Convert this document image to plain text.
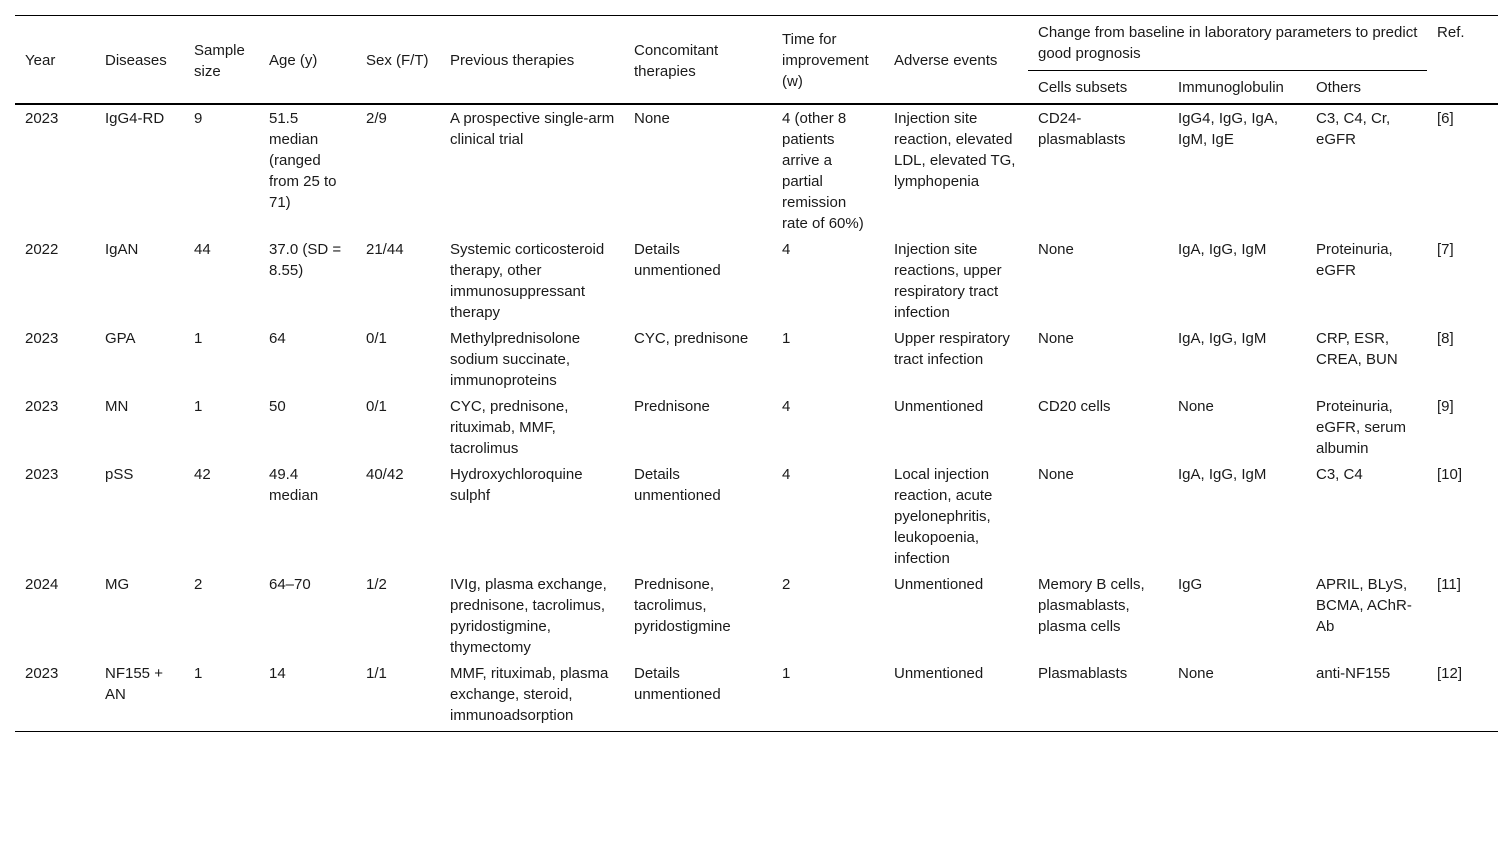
Year	Diseases	Sample size	Age (y)	Sex (F/T)	Previous therapies	Concomitant therapies	Time for improvement (w)	Adverse events	Change from baseline in laboratory parameters to predict good prognosis			Ref.
									Cells subsets	Immunoglobulin	Others	
2023	IgG4-RD	9	51.5 median (ranged from 25 to 71)	2/9	A prospective single-arm clinical trial	None	4 (other 8 patients arrive a partial remission rate of 60%)	Injection site reaction, elevated LDL, elevated TG, lymphopenia	CD24-plasmablasts	IgG4, IgG, IgA, IgM, IgE	C3, C4, Cr, eGFR	[6]
2022	IgAN	44	37.0 (SD = 8.55)	21/44	Systemic corticosteroid therapy, other immunosuppressant therapy	Details unmentioned	4	Injection site reactions, upper respiratory tract infection	None	IgA, IgG, IgM	Proteinuria, eGFR	[7]
2023	GPA	1	64	0/1	Methylprednisolone sodium succinate, immunoproteins	CYC, prednisone	1	Upper respiratory tract infection	None	IgA, IgG, IgM	CRP, ESR, CREA, BUN	[8]
2023	MN	1	50	0/1	CYC, prednisone, rituximab, MMF, tacrolimus	Prednisone	4	Unmentioned	CD20 cells	None	Proteinuria, eGFR, serum albumin	[9]
2023	pSS	42	49.4 median	40/42	Hydroxychloroquine sulphf	Details unmentioned	4	Local injection reaction, acute pyelonephritis, leukopoenia, infection	None	IgA, IgG, IgM	C3, C4	[10]
2024	MG	2	64–70	1/2	IVIg, plasma exchange, prednisone, tacrolimus, pyridostigmine, thymectomy	Prednisone, tacrolimus, pyridostigmine	2	Unmentioned	Memory B cells, plasmablasts, plasma cells	IgG	APRIL, BLyS, BCMA, AChR-Ab	[11]
2023	NF155 + AN	1	14	1/1	MMF, rituximab, plasma exchange, steroid, immunoadsorption	Details unmentioned	1	Unmentioned	Plasmablasts	None	anti-NF155	[12]
